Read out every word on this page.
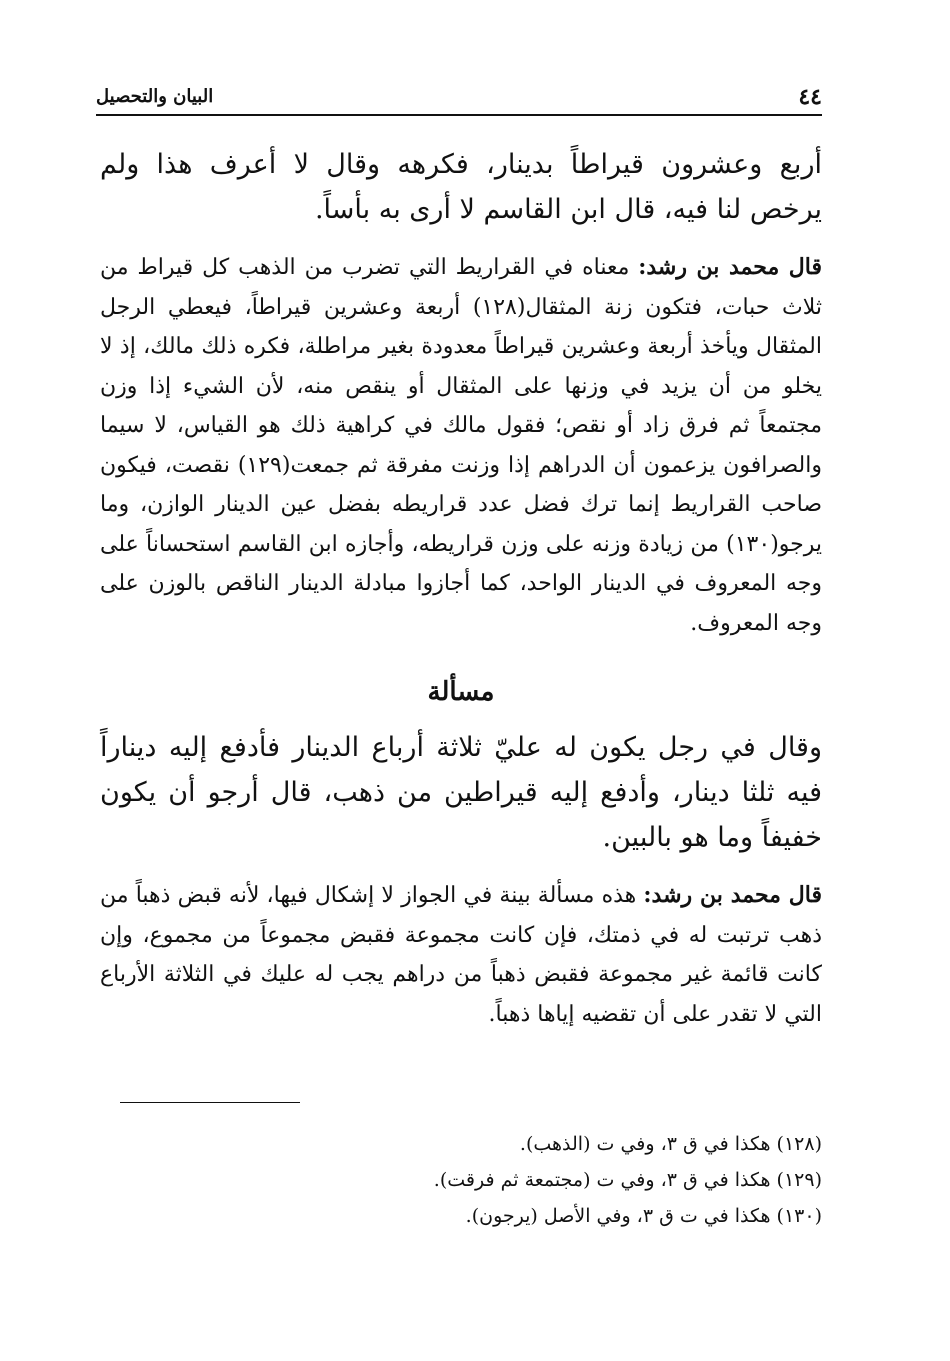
٤٤
البيان والتحصيل

أربع وعشرون قيراطاً بدينار، فكرهه وقال لا أعرف هذا ولم يرخص لنا فيه، قال ابن القاسم لا أرى به بأساً.

قال محمد بن رشد: معناه في القراريط التي تضرب من الذهب كل قيراط من ثلاث حبات، فتكون زنة المثقال(١٢٨) أربعة وعشرين قيراطاً، فيعطي الرجل المثقال ويأخذ أربعة وعشرين قيراطاً معدودة بغير مراطلة، فكره ذلك مالك، إذ لا يخلو من أن يزيد في وزنها على المثقال أو ينقص منه، لأن الشيء إذا وزن مجتمعاً ثم فرق زاد أو نقص؛ فقول مالك في كراهية ذلك هو القياس، لا سيما والصرافون يزعمون أن الدراهم إذا وزنت مفرقة ثم جمعت(١٢٩) نقصت، فيكون صاحب القراريط إنما ترك فضل عدد قراريطه بفضل عين الدينار الوازن، وما يرجو(١٣٠) من زيادة وزنه على وزن قراريطه، وأجازه ابن القاسم استحساناً على وجه المعروف في الدينار الواحد، كما أجازوا مبادلة الدينار الناقص بالوزن على وجه المعروف.

مسألة

وقال في رجل يكون له عليّ ثلاثة أرباع الدينار فأدفع إليه ديناراً فيه ثلثا دينار، وأدفع إليه قيراطين من ذهب، قال أرجو أن يكون خفيفاً وما هو بالبين.

قال محمد بن رشد: هذه مسألة بينة في الجواز لا إشكال فيها، لأنه قبض ذهباً من ذهب ترتبت له في ذمتك، فإن كانت مجموعة فقبض مجموعاً من مجموع، وإن كانت قائمة غير مجموعة فقبض ذهباً من دراهم يجب له عليك في الثلاثة الأرباع التي لا تقدر على أن تقضيه إياها ذهباً.

(١٢٨) هكذا في ق ٣، وفي ت (الذهب).
(١٢٩) هكذا في ق ٣، وفي ت (مجتمعة ثم فرقت).
(١٣٠) هكذا في ت ق ٣، وفي الأصل (يرجون).
